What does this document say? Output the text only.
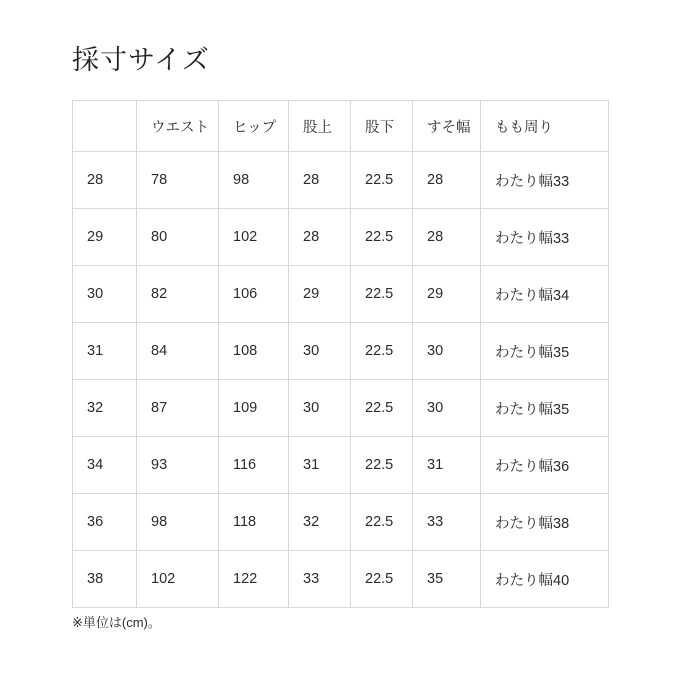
採寸サイズ
	ウエスト	ヒップ	股上	股下	すそ幅	もも周り
28	78	98	28	22.5	28	わたり幅33
29	80	102	28	22.5	28	わたり幅33
30	82	106	29	22.5	29	わたり幅34
31	84	108	30	22.5	30	わたり幅35
32	87	109	30	22.5	30	わたり幅35
34	93	116	31	22.5	31	わたり幅36
36	98	118	32	22.5	33	わたり幅38
38	102	122	33	22.5	35	わたり幅40
※単位は(cm)。
